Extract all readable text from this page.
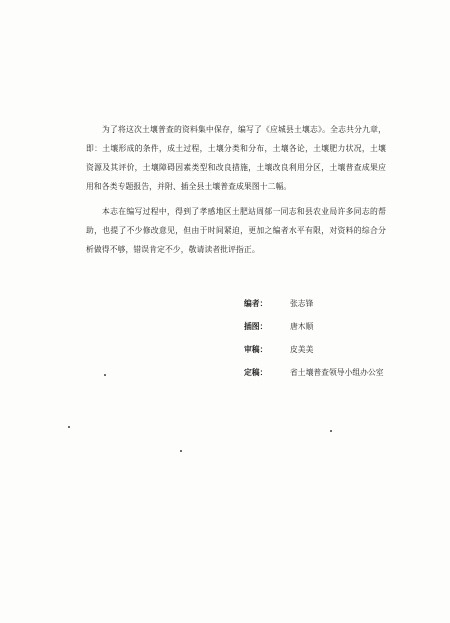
为了将这次土壤普查的资料集中保存，编写了《应城县土壤志》。全志共分九章，即：土壤形成的条件，成土过程，土壤分类和分布，土壤各论，土壤肥力状况，土壤资源及其评价，土壤障碍因素类型和改良措施，土壤改良利用分区，土壤普查成果应用和各类专题报告，并附、插全县土壤普查成果图十二幅。

本志在编写过程中，得到了孝感地区土肥站周郁一同志和县农业局许多同志的帮助，也提了不少修改意见，但由于时间紧迫，更加之编者水平有限，对资料的综合分析做得不够，错误肯定不少，敬请读者批评指正。

编者：	张志锋
插图：	唐木顺
审稿：	皮美美
定稿：	省土壤普查领导小组办公室
